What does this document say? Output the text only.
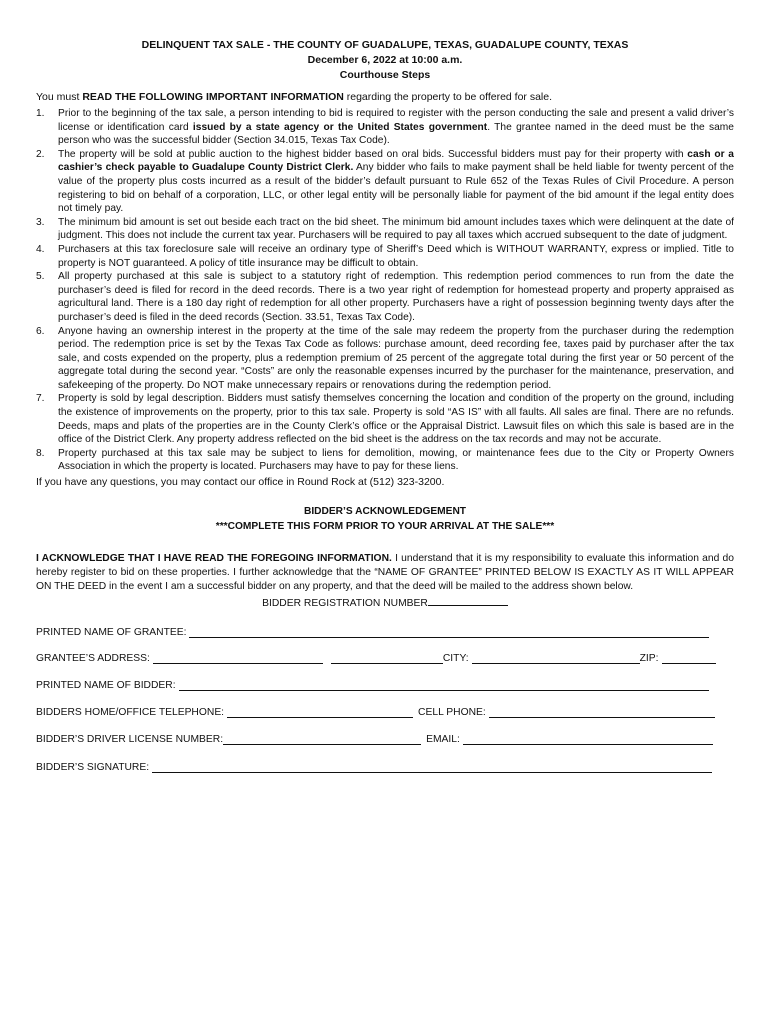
DELINQUENT TAX SALE - THE COUNTY OF GUADALUPE, TEXAS, GUADALUPE COUNTY, TEXAS
December 6, 2022 at 10:00 a.m.
Courthouse Steps
You must READ THE FOLLOWING IMPORTANT INFORMATION regarding the property to be offered for sale.
1. Prior to the beginning of the tax sale, a person intending to bid is required to register with the person conducting the sale and present a valid driver’s license or identification card issued by a state agency or the United States government. The grantee named in the deed must be the same person who was the successful bidder (Section 34.015, Texas Tax Code).
2. The property will be sold at public auction to the highest bidder based on oral bids. Successful bidders must pay for their property with cash or a cashier’s check payable to Guadalupe County District Clerk. Any bidder who fails to make payment shall be held liable for twenty percent of the value of the property plus costs incurred as a result of the bidder’s default pursuant to Rule 652 of the Texas Rules of Civil Procedure. A person registering to bid on behalf of a corporation, LLC, or other legal entity will be personally liable for payment of the bid amount if the legal entity does not timely pay.
3. The minimum bid amount is set out beside each tract on the bid sheet. The minimum bid amount includes taxes which were delinquent at the date of judgment. This does not include the current tax year. Purchasers will be required to pay all taxes which accrued subsequent to the date of judgment.
4. Purchasers at this tax foreclosure sale will receive an ordinary type of Sheriff’s Deed which is WITHOUT WARRANTY, express or implied. Title to property is NOT guaranteed. A policy of title insurance may be difficult to obtain.
5. All property purchased at this sale is subject to a statutory right of redemption. This redemption period commences to run from the date the purchaser’s deed is filed for record in the deed records. There is a two year right of redemption for homestead property and property appraised as agricultural land. There is a 180 day right of redemption for all other property. Purchasers have a right of possession beginning twenty days after the purchaser’s deed is filed in the deed records (Section. 33.51, Texas Tax Code).
6. Anyone having an ownership interest in the property at the time of the sale may redeem the property from the purchaser during the redemption period. The redemption price is set by the Texas Tax Code as follows: purchase amount, deed recording fee, taxes paid by purchaser after the tax sale, and costs expended on the property, plus a redemption premium of 25 percent of the aggregate total during the first year or 50 percent of the aggregate total during the second year. “Costs” are only the reasonable expenses incurred by the purchaser for the maintenance, preservation, and safekeeping of the property. Do NOT make unnecessary repairs or renovations during the redemption period.
7. Property is sold by legal description. Bidders must satisfy themselves concerning the location and condition of the property on the ground, including the existence of improvements on the property, prior to this tax sale. Property is sold “AS IS” with all faults. All sales are final. There are no refunds. Deeds, maps and plats of the properties are in the County Clerk’s office or the Appraisal District. Lawsuit files on which this sale is based are in the office of the District Clerk. Any property address reflected on the bid sheet is the address on the tax records and may not be accurate.
8. Property purchased at this tax sale may be subject to liens for demolition, mowing, or maintenance fees due to the City or Property Owners Association in which the property is located. Purchasers may have to pay for these liens.
If you have any questions, you may contact our office in Round Rock at (512) 323-3200.
BIDDER’S ACKNOWLEDGEMENT
***COMPLETE THIS FORM PRIOR TO YOUR ARRIVAL AT THE SALE***
I ACKNOWLEDGE THAT I HAVE READ THE FOREGOING INFORMATION. I understand that it is my responsibility to evaluate this information and do hereby register to bid on these properties. I further acknowledge that the “NAME OF GRANTEE” PRINTED BELOW IS EXACTLY AS IT WILL APPEAR ON THE DEED in the event I am a successful bidder on any property, and that the deed will be mailed to the address shown below.
BIDDER REGISTRATION NUMBER
PRINTED NAME OF GRANTEE:
GRANTEE’S ADDRESS:	CITY:	ZIP:
PRINTED NAME OF BIDDER:
BIDDERS HOME/OFFICE TELEPHONE:	CELL PHONE:
BIDDER’S DRIVER LICENSE NUMBER:	EMAIL:
BIDDER’S SIGNATURE:
